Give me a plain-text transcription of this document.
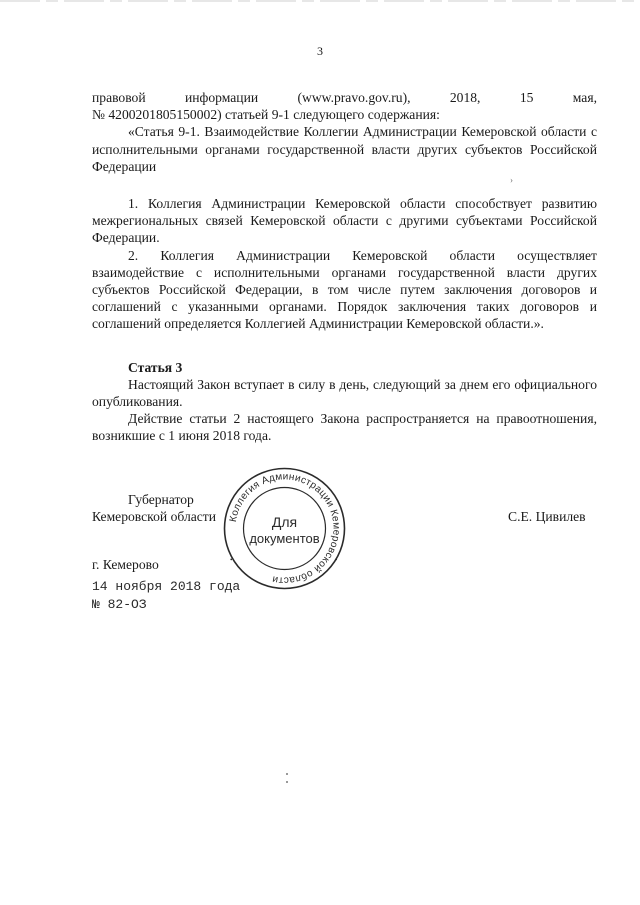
3

правовой информации (www.pravo.gov.ru), 2018, 15 мая,

№ 4200201805150002) статьей 9-1 следующего содержания:

«Статья 9-1. Взаимодействие Коллегии Администрации Кемеровской области с исполнительными органами государственной власти других субъектов Российской Федерации

1. Коллегия Администрации Кемеровской области способствует развитию межрегиональных связей Кемеровской области с другими субъектами Российской Федерации.

2. Коллегия Администрации Кемеровской области осуществляет взаимодействие с исполнительными органами государственной власти других субъектов Российской Федерации, в том числе путем заключения договоров и соглашений с указанными органами. Порядок заключения таких договоров и соглашений определяется Коллегией Администрации Кемеровской области.».

Статья 3

Настоящий Закон вступает в силу в день, следующий за днем его официального опубликования.

Действие статьи 2 настоящего Закона распространяется на правоотношения, возникшие с 1 июня 2018 года.

›
Губернатор
Кемеровской области	С.Е. Цивилев
Коллегия Администрации Кемеровской области
•	•
Для
документов
г. Кемерово
14 ноября 2018 года
№ 82-ОЗ
